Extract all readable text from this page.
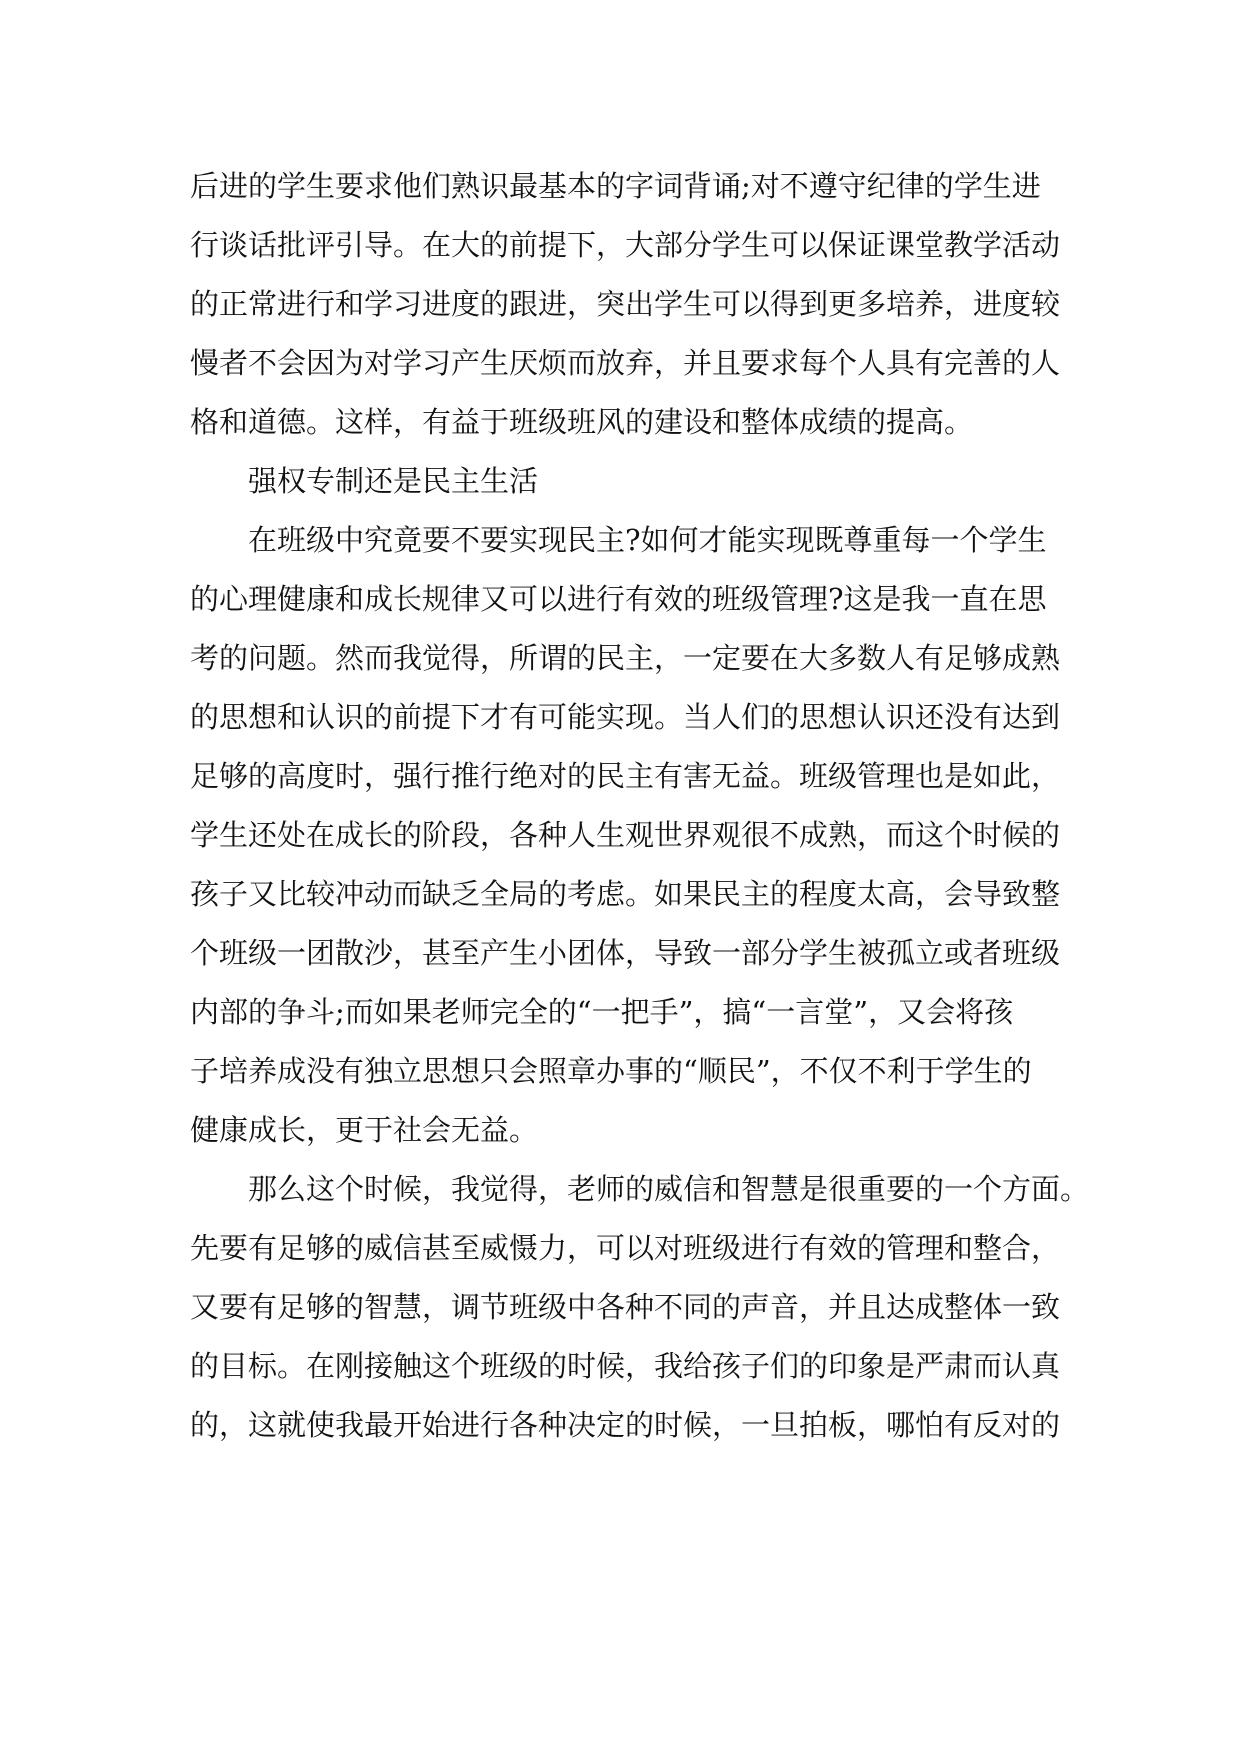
后进的学生要求他们熟识最基本的字词背诵;对不遵守纪律的学生进
行谈话批评引导。在大的前提下，大部分学生可以保证课堂教学活动
的正常进行和学习进度的跟进，突出学生可以得到更多培养，进度较
慢者不会因为对学习产生厌烦而放弃，并且要求每个人具有完善的人
格和道德。这样，有益于班级班风的建设和整体成绩的提高。
强权专制还是民主生活
在班级中究竟要不要实现民主?如何才能实现既尊重每一个学生
的心理健康和成长规律又可以进行有效的班级管理?这是我一直在思
考的问题。然而我觉得，所谓的民主，一定要在大多数人有足够成熟
的思想和认识的前提下才有可能实现。当人们的思想认识还没有达到
足够的高度时，强行推行绝对的民主有害无益。班级管理也是如此，
学生还处在成长的阶段，各种人生观世界观很不成熟，而这个时候的
孩子又比较冲动而缺乏全局的考虑。如果民主的程度太高，会导致整
个班级一团散沙，甚至产生小团体，导致一部分学生被孤立或者班级
内部的争斗;而如果老师完全的“一把手”，搞“一言堂”，又会将孩
子培养成没有独立思想只会照章办事的“顺民”，不仅不利于学生的
健康成长，更于社会无益。
那么这个时候，我觉得，老师的威信和智慧是很重要的一个方面。
先要有足够的威信甚至威慑力，可以对班级进行有效的管理和整合，
又要有足够的智慧，调节班级中各种不同的声音，并且达成整体一致
的目标。在刚接触这个班级的时候，我给孩子们的印象是严肃而认真
的，这就使我最开始进行各种决定的时候，一旦拍板，哪怕有反对的
